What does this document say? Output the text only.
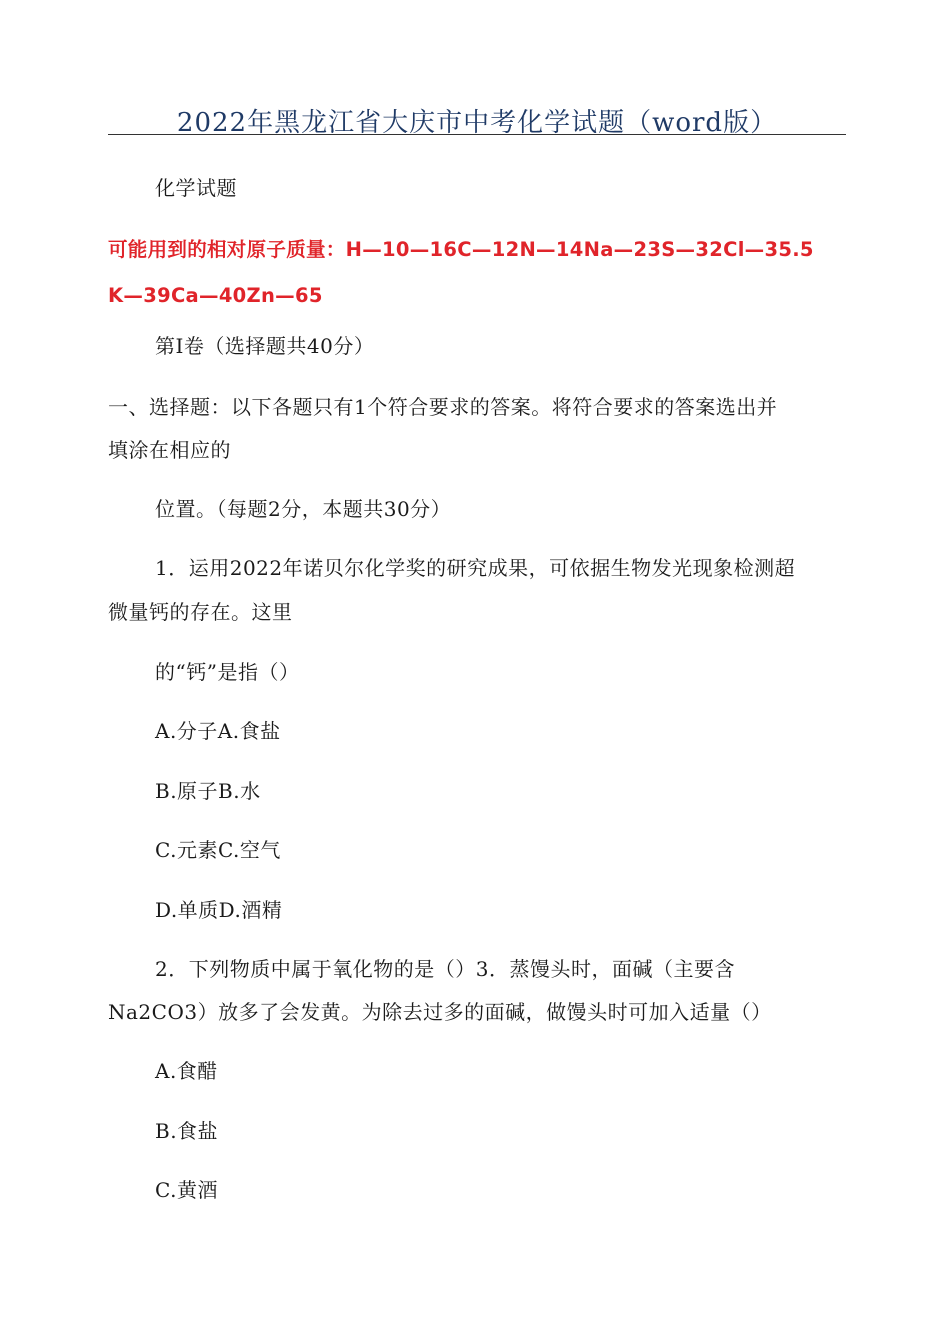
2022年黑龙江省大庆市中考化学试题（word版）
化学试题
可能用到的相对原子质量：H—10—16C—12N—14Na—23S—32Cl—35.5
K—39Ca—40Zn—65
第Ⅰ卷（选择题共40分）
一、选择题：以下各题只有1个符合要求的答案。将符合要求的答案选出并
填涂在相应的
位置。（每题2分，本题共30分）
1．运用2022年诺贝尔化学奖的研究成果，可依据生物发光现象检测超
微量钙的存在。这里
的“钙”是指（）
A.分子A.食盐
B.原子B.水
C.元素C.空气
D.单质D.酒精
2．下列物质中属于氧化物的是（）3．蒸馒头时，面碱（主要含
Na2CO3）放多了会发黄。为除去过多的面碱，做馒头时可加入适量（）
A.食醋
B.食盐
C.黄酒
